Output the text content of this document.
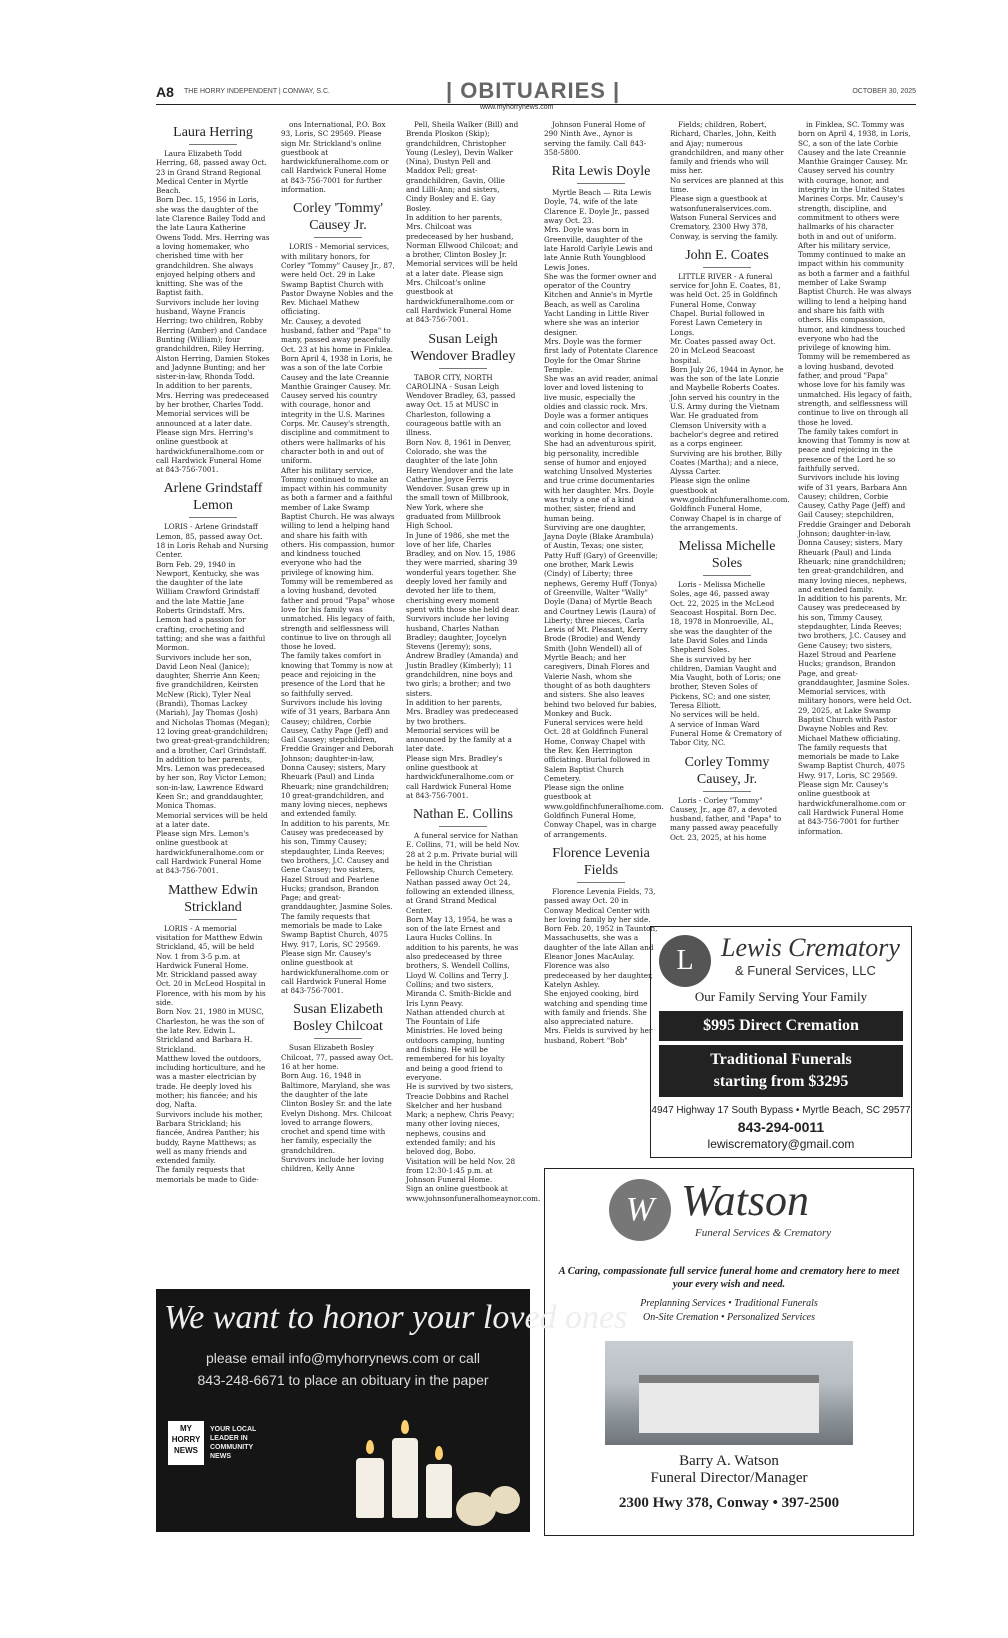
A8 THE HORRY INDEPENDENT | CONWAY, S.C.	| OBITUARIES |	OCTOBER 30, 2025
www.myhorrynews.com
Laura Herring

Laura Elizabeth Todd Herring, 68, passed away Oct. 23 in Grand Strand Regional Medical Center in Myrtle Beach.
Born Dec. 15, 1956 in Loris, she was the daughter of the late Clarence Bailey Todd and the late Laura Katherine Owens Todd. Mrs. Herring was a loving homemaker, who cherished time with her grandchildren. She always enjoyed helping others and knitting. She was of the Baptist faith.
Survivors include her loving husband, Wayne Francis Herring; two children, Robby Herring (Amber) and Candace Bunting (William); four grandchildren, Riley Herring, Alston Herring, Damien Stokes and Jadynne Bunting; and her sister-in-law, Rhonda Todd.
In addition to her parents, Mrs. Herring was predeceased by her brother, Charles Todd.
Memorial services will be announced at a later date.
Please sign Mrs. Herring's online guestbook at hardwickfuneralhome.com or call Hardwick Funeral Home at 843-756-7001.

Arlene Grindstaff Lemon

LORIS - Arlene Grindstaff Lemon, 85, passed away Oct. 18 in Loris Rehab and Nursing Center.
Born Feb. 29, 1940 in Newport, Kentucky, she was the daughter of the late William Crawford Grindstaff and the late Mattie Jane Roberts Grindstaff. Mrs. Lemon had a passion for crafting, crocheting and tatting; and she was a faithful Mormon.
Survivors include her son, David Leon Neal (Janice); daughter, Sherrie Ann Keen; five grandchildren, Keirsten McNew (Rick), Tyler Neal (Brandi), Thomas Lackey (Mariah), Jay Thomas (Josh) and Nicholas Thomas (Megan); 12 loving great-grandchildren; two great-great-grandchildren; and a brother, Carl Grindstaff.
In addition to her parents, Mrs. Lemon was predeceased by her son, Roy Victor Lemon; son-in-law, Lawrence Edward Keen Sr.; and granddaughter, Monica Thomas.
Memorial services will be held at a later date.
Please sign Mrs. Lemon's online guestbook at hardwickfuneralhome.com or call Hardwick Funeral Home at 843-756-7001.

Matthew Edwin Strickland

LORIS - A memorial visitation for Matthew Edwin Strickland, 45, will be held Nov. 1 from 3-5 p.m. at Hardwick Funeral Home.
Mr. Strickland passed away Oct. 20 in McLeod Hospital in Florence, with his mom by his side.
Born Nov. 21, 1980 in MUSC, Charleston, he was the son of the late Rev. Edwin L. Strickland and Barbara H. Strickland.
Matthew loved the outdoors, including horticulture, and he was a master electrician by trade. He deeply loved his mother; his fiancée; and his dog, Nafta.
Survivors include his mother, Barbara Strickland; his fiancée, Andrea Panther; his buddy, Rayne Matthews; as well as many friends and extended family.
The family requests that memorials be made to Gide-

ons International, P.O. Box 93, Loris, SC 29569. Please sign Mr. Strickland's online guestbook at hardwickfuneralhome.com or call Hardwick Funeral Home at 843-756-7001 for further information.

Corley 'Tommy' Causey Jr.

LORIS - Memorial services, with military honors, for Corley "Tommy" Causey Jr., 87, were held Oct. 29 in Lake Swamp Baptist Church with Pastor Dwayne Nobles and the Rev. Michael Mathew officiating.
Mr. Causey, a devoted husband, father and "Papa" to many, passed away peacefully Oct. 23 at his home in Finklea.
Born April 4, 1938 in Loris, he was a son of the late Corbie Causey and the late Creannie Manthie Grainger Causey. Mr. Causey served his country with courage, honor and integrity in the U.S. Marines Corps. Mr. Causey's strength, discipline and commitment to others were hallmarks of his character both in and out of uniform.
After his military service, Tommy continued to make an impact within his community as both a farmer and a faithful member of Lake Swamp Baptist Church. He was always willing to lend a helping hand and share his faith with others. His compassion, humor and kindness touched everyone who had the privilege of knowing him.
Tommy will be remembered as a loving husband, devoted father and proud "Papa" whose love for his family was unmatched. His legacy of faith, strength and selflessness will continue to live on through all those he loved.
The family takes comfort in knowing that Tommy is now at peace and rejoicing in the presence of the Lord that he so faithfully served.
Survivors include his loving wife of 31 years, Barbara Ann Causey; children, Corbie Causey, Cathy Page (Jeff) and Gail Causey; stepchildren, Freddie Grainger and Deborah Johnson; daughter-in-law, Donna Causey; sisters, Mary Rheuark (Paul) and Linda Rheuark; nine grandchildren; 10 great-grandchildren, and many loving nieces, nephews and extended family.
In addition to his parents, Mr. Causey was predeceased by his son, Timmy Causey; stepdaughter, Linda Reeves; two brothers, J.C. Causey and Gene Causey; two sisters, Hazel Stroud and Pearlene Hucks; grandson, Brandon Page; and great-granddaughter, Jasmine Soles.
The family requests that memorials be made to Lake Swamp Baptist Church, 4075 Hwy. 917, Loris, SC 29569. Please sign Mr. Causey's online guestbook at hardwickfuneralhome.com or call Hardwick Funeral Home at 843-756-7001.

Susan Elizabeth Bosley Chilcoat

Susan Elizabeth Bosley Chilcoat, 77, passed away Oct. 16 at her home.
Born Aug. 16, 1948 in Baltimore, Maryland, she was the daughter of the late Clinton Bosley Sr. and the late Evelyn Dishong. Mrs. Chilcoat loved to arrange flowers, crochet and spend time with her family, especially the grandchildren.
Survivors include her loving children, Kelly Anne

Pell, Sheila Walker (Bill) and Brenda Ploskon (Skip); grandchildren, Christopher Young (Lesley), Devin Walker (Nina), Dustyn Pell and Maddox Pell; great-grandchildren, Gavin, Ollie and Lilli-Ann; and sisters, Cindy Bosley and E. Gay Bosley.
In addition to her parents, Mrs. Chilcoat was predeceased by her husband, Norman Ellwood Chilcoat; and a brother, Clinton Bosley Jr.
Memorial services will be held at a later date. Please sign Mrs. Chilcoat's online guestbook at hardwickfuneralhome.com or call Hardwick Funeral Home at 843-756-7001.

Susan Leigh Wendover Bradley

TABOR CITY, NORTH CAROLINA - Susan Leigh Wendover Bradley, 63, passed away Oct. 15 at MUSC in Charleston, following a courageous battle with an illness.
Born Nov. 8, 1961 in Denver, Colorado, she was the daughter of the late John Henry Wendover and the late Catherine Joyce Ferris Wendover. Susan grew up in the small town of Millbrook, New York, where she graduated from Millbrook High School.
In June of 1986, she met the love of her life, Charles Bradley, and on Nov. 15, 1986 they were married, sharing 39 wonderful years together. She deeply loved her family and devoted her life to them, cherishing every moment spent with those she held dear.
Survivors include her loving husband, Charles Nathan Bradley; daughter, Joycelyn Stevens (Jeremy); sons, Andrew Bradley (Amanda) and Justin Bradley (Kimberly); 11 grandchildren, nine boys and two girls; a brother; and two sisters.
In addition to her parents, Mrs. Bradley was predeceased by two brothers.
Memorial services will be announced by the family at a later date.
Please sign Mrs. Bradley's online guestbook at hardwickfuneralhome.com or call Hardwick Funeral Home at 843-756-7001.

Nathan E. Collins

A funeral service for Nathan E. Collins, 71, will be held Nov. 28 at 2 p.m. Private burial will be held in the Christian Fellowship Church Cemetery.
Nathan passed away Oct 24, following an extended illness, at Grand Strand Medical Center.
Born May 13, 1954, he was a son of the late Ernest and Laura Hucks Collins. In addition to his parents, he was also predeceased by three brothers, S. Wendell Collins, Lloyd W. Collins and Terry J. Collins; and two sisters, Miranda C. Smith-Bickle and Iris Lynn Peavy.
Nathan attended church at The Fountain of Life Ministries. He loved being outdoors camping, hunting and fishing. He will be remembered for his loyalty and being a good friend to everyone.
He is survived by two sisters, Treacie Dobbins and Rachel Skelcher and her husband Mark; a nephew, Chris Peavy; many other loving nieces, nephews, cousins and extended family; and his beloved dog, Bobo.
Visitation will be held Nov. 28 from 12:30-1:45 p.m. at Johnson Funeral Home.
Sign an online guestbook at www.johnsonfuneralhomeaynor.com.

Johnson Funeral Home of 290 Ninth Ave., Aynor is serving the family. Call 843-358-5800.

Rita Lewis Doyle

Myrtle Beach — Rita Lewis Doyle, 74, wife of the late Clarence E. Doyle Jr., passed away Oct. 23.
Mrs. Doyle was born in Greenville, daughter of the late Harold Carlyle Lewis and late Annie Ruth Youngblood Lewis Jones.
She was the former owner and operator of the Country Kitchen and Annie's in Myrtle Beach, as well as Carolina Yacht Landing in Little River where she was an interior designer.
Mrs. Doyle was the former first lady of Potentate Clarence Doyle for the Omar Shrine Temple.
She was an avid reader, animal lover and loved listening to live music, especially the oldies and classic rock. Mrs. Doyle was a former antiques and coin collector and loved working in home decorations. She had an adventurous spirit, big personality, incredible sense of humor and enjoyed watching Unsolved Mysteries and true crime documentaries with her daughter. Mrs. Doyle was truly a one of a kind mother, sister, friend and human being.
Surviving are one daughter, Jayna Doyle (Blake Arambula) of Austin, Texas; one sister, Patty Huff (Gary) of Greenville; one brother, Mark Lewis (Cindy) of Liberty; three nephews, Geremy Huff (Tonya) of Greenville, Walter "Wally" Doyle (Dana) of Myrtle Beach and Courtney Lewis (Laura) of Liberty; three nieces, Carla Lewis of Mt. Pleasant, Kerry Brode (Brodie) and Wendy Smith (John Wendell) all of Myrtle Beach; and her caregivers, Dinah Flores and Valerie Nash, whom she thought of as both daughters and sisters. She also leaves behind two beloved fur babies, Monkey and Buck.
Funeral services were held Oct. 28 at Goldfinch Funeral Home, Conway Chapel with the Rev. Ken Herrington officiating. Burial followed in Salem Baptist Church Cemetery.
Please sign the online guestbook at www.goldfinchfuneralhome.com.
Goldfinch Funeral Home, Conway Chapel, was in charge of arrangements.

Florence Levenia Fields

Florence Levenia Fields, 73, passed away Oct. 20 in Conway Medical Center with her loving family by her side.
Born Feb. 20, 1952 in Taunton, Massachusetts, she was a daughter of the late Allan and Eleanor Jones MacAulay.
Florence was also predeceased by her daughter, Katelyn Ashley.
She enjoyed cooking, bird watching and spending time with family and friends. She also appreciated nature.
Mrs. Fields is survived by her husband, Robert "Bob"

Fields; children, Robert, Richard, Charles, John, Keith and Ajay; numerous grandchildren, and many other family and friends who will miss her.
No services are planned at this time.
Please sign a guestbook at watsonfuneralservices.com.
Watson Funeral Services and Crematory, 2300 Hwy 378, Conway, is serving the family.

John E. Coates

LITTLE RIVER - A funeral service for John E. Coates, 81, was held Oct. 25 in Goldfinch Funeral Home, Conway Chapel. Burial followed in Forest Lawn Cemetery in Longs.
Mr. Coates passed away Oct. 20 in McLeod Seacoast hospital.
Born July 26, 1944 in Aynor, he was the son of the late Lonzie and Maybelle Roberts Coates.
John served his country in the U.S. Army during the Vietnam War. He graduated from Clemson University with a bachelor's degree and retired as a corps engineer.
Surviving are his brother, Billy Coates (Martha); and a niece, Alyssa Carter.
Please sign the online guestbook at www.goldfinchfuneralhome.com.
Goldfinch Funeral Home, Conway Chapel is in charge of the arrangements.

Melissa Michelle Soles

Loris - Melissa Michelle Soles, age 46, passed away Oct. 22, 2025 in the McLeod Seacoast Hospital. Born Dec. 18, 1978 in Monroeville, AL, she was the daughter of the late David Soles and Linda Shepherd Soles.
She is survived by her children, Damian Vaught and Mia Vaught, both of Loris; one brother, Steven Soles of Pickens, SC; and one sister, Teresa Elliott.
No services will be held.
A service of Inman Ward Funeral Home & Crematory of Tabor City, NC.

Corley Tommy Causey, Jr.

Loris - Corley "Tommy" Causey, Jr., age 87, a devoted husband, father, and "Papa" to many passed away peacefully Oct. 23, 2025, at his home

in Finklea, SC. Tommy was born on April 4, 1938, in Loris, SC, a son of the late Corbie Causey and the late Creannie Manthie Grainger Causey. Mr. Causey served his country with courage, honor, and integrity in the United States Marines Corps. Mr. Causey's strength, discipline, and commitment to others were hallmarks of his character both in and out of uniform.
After his military service, Tommy continued to make an impact within his community as both a farmer and a faithful member of Lake Swamp Baptist Church. He was always willing to lend a helping hand and share his faith with others. His compassion, humor, and kindness touched everyone who had the privilege of knowing him.
Tommy will be remembered as a loving husband, devoted father, and proud "Papa" whose love for his family was unmatched. His legacy of faith, strength, and selflessness will continue to live on through all those he loved.
The family takes comfort in knowing that Tommy is now at peace and rejoicing in the presence of the Lord he so faithfully served.
Survivors include his loving wife of 31 years, Barbara Ann Causey; children, Corbie Causey, Cathy Page (Jeff) and Gail Causey; stepchildren, Freddie Grainger and Deborah Johnson; daughter-in-law, Donna Causey; sisters, Mary Rheuark (Paul) and Linda Rheuark; nine grandchildren; ten great-grandchildren, and many loving nieces, nephews, and extended family.
In addition to his parents, Mr. Causey was predeceased by his son, Timmy Causey, stepdaughter, Linda Reeves; two brothers, J.C. Causey and Gene Causey; two sisters, Hazel Stroud and Pearlene Hucks; grandson, Brandon Page, and great-granddaughter, Jasmine Soles.
Memorial services, with military honors, were held Oct. 29, 2025, at Lake Swamp Baptist Church with Pastor Dwayne Nobles and Rev. Michael Mathew officiating. The family requests that memorials be made to Lake Swamp Baptist Church, 4075 Hwy. 917, Loris, SC 29569. Please sign Mr. Causey's online guestbook at hardwickfuneralhome.com or call Hardwick Funeral Home at 843-756-7001 for further information.

L	Lewis Crematory
& Funeral Services, LLC
Our Family Serving Your Family
$995 Direct Cremation
Traditional Funerals
starting from $3295
4947 Highway 17 South Bypass • Myrtle Beach, SC 29577
843-294-0011
lewiscrematory@gmail.com
W Watson
Funeral Services & Crematory
A Caring, compassionate full service funeral home and crematory here to meet your every wish and need.
Preplanning Services • Traditional Funerals
On-Site Cremation • Personalized Services
Barry A. Watson
Funeral Director/Manager
2300 Hwy 378, Conway • 397-2500
We want to honor your loved ones
please email info@myhorrynews.com or call
843-248-6671 to place an obituary in the paper
MY HORRY NEWS
YOUR LOCAL LEADER IN COMMUNITY NEWS
